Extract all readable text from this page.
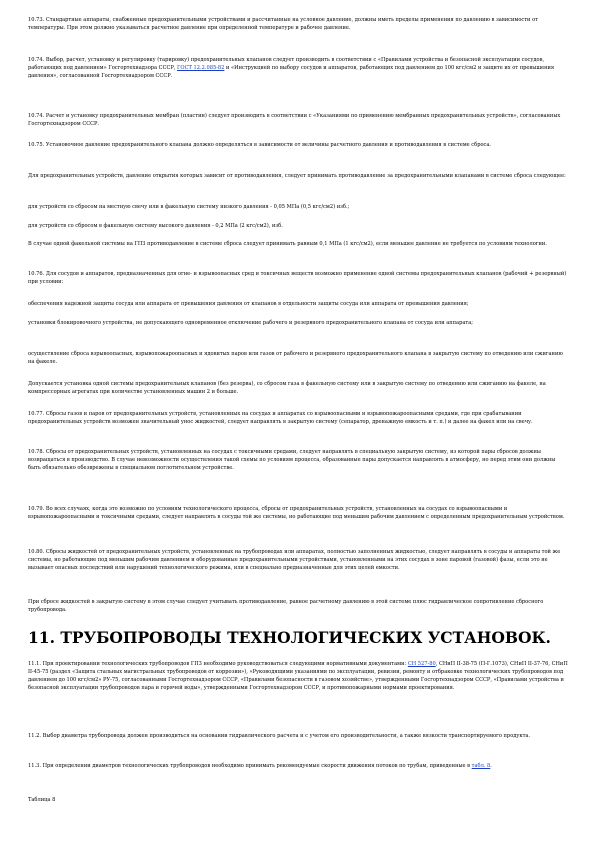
10.73. Стандартные аппараты, снабженные предохранительными устройствами и рассчитанные на условное давление, должны иметь пределы применения по давлению в зависимости от температуры. При этом должно указываться расчетное давление при определенной температуре и рабочее давление.

10.74. Выбор, расчет, установку и регулировку (тарировку) предохранительных клапанов следует производить в соответствии с «Правилами устройства и безопасной эксплуатации сосудов, работающих под давлением» Госгортехнадзора СССР, ГОСТ 12.2.085-82 и «Инструкцией по выбору сосудов и аппаратов, работающих под давлением до 100 кгс/см2 и защите их от превышения давления», согласованной Госгортехнадзором СССР.

10.74. Расчет и установку предохранительных мембран (пластин) следует производить в соответствии с «Указаниями по применению мембранных предохранительных устройств», согласованных Госгортехнадзором СССР.

10.75. Установочное давление предохранительного клапана должно определяться в зависимости от величины расчетного давления и противодавления в системе сброса.

Для предохранительных устройств, давление открытия которых зависит от противодавления, следует принимать противодавление за предохранительными клапанами в системе сброса следующее:

для устройств со сбросом на местную свечу или в факельную систему низкого давления - 0,05 МПа (0,5 кгс/см2) изб.;

для устройств со сбросом в факельную систему высокого давления - 0,2 МПа (2 кгс/см2), изб.

В случае одной факельной системы на ГПЗ противодавление в системе сброса следует принимать равным 0,1 МПа (1 кгс/см2), если меньшее давление не требуется по условиям технологии.

10.76. Для сосудов и аппаратов, предназначенных для огне- и взрывоопасных сред и токсичных веществ возможно применение одной системы предохранительных клапанов (рабочий + резервный) при условии:

обеспечения надежной защиты сосуда или аппарата от превышения давления от клапанов в отдельности защиты сосуда или аппарата от превышения давления;

установки блокировочного устройства, не допускающего одновременное отключение рабочего и резервного предохранительного клапана от сосуда или аппарата;

осуществление сброса взрывоопасных, взрывопожароопасных и ядовитых паров или газов от рабочего и резервного предохранительного клапана в закрытую систему по отведению или сжиганию на факеле.

Допускается установка одной системы предохранительных клапанов (без резерва), со сбросом газа в факельную систему или в закрытую систему по отведению или сжиганию на факеле, на компрессорных агрегатах при количестве установленных машин 2 и больше.

10.77. Сбросы газов и паров от предохранительных устройств, установленных на сосудах и аппаратах со взрывоопасными и взрывопожароопасными средами, где при срабатывании предохранительных устройств возможен значительный унос жидкостей, следует направлять в закрытую систему (сепаратор, дренажную емкость и т. п.) и далее на факел или на свечу.

10.78. Сбросы от предохранительных устройств, установленных на сосудах с токсичными средами, следует направлять в специальную закрытую систему, из которой пары сбросов должны возвращаться в производство. В случае невозможности осуществления такой схемы по условиям процесса, образованные пары допускается направлять в атмосферу, но перед этим они должны быть обязательно обезврежены в специальном поглотительном устройстве.

10.79. Во всех случаях, когда это возможно по условиям технологического процесса, сбросы от предохранительных устройств, установленных на сосудах со взрывоопасными и взрывопожароопасными и токсичными средами, следует направлять в сосуды той же системы, но работающие под меньшим рабочим давлением с определенным предохранительным устройством.

10.80. Сбросы жидкостей от предохранительных устройств, установленных на трубопроводах или аппаратах, полностью заполненных жидкостью, следует направлять в сосуды и аппараты той же системы, но работающие под меньшим рабочим давлением и оборудованные предохранительными устройствами, установленными на этих сосудах в зоне паровой (газовой) фазы, если это не вызывает опасных последствий или нарушений технологического режима, или в специально предназначенные для этих целей емкости.

При сбросе жидкостей в закрытую систему в этом случае следует учитывать противодавление, равное расчетному давлению в этой системе плюс гидравлическое сопротивление сбросного трубопровода.

11. ТРУБОПРОВОДЫ ТЕХНОЛОГИЧЕСКИХ УСТАНОВОК.

11.1. При проектировании технологических трубопроводов ГПЗ необходимо руководствоваться следующими нормативными документами: СН 527-80, СНиП II-38-75 (П-Г.1073), СНиП II-37-76, СНиП II-45-75 (раздел «Защита стальных магистральных трубопроводов от коррозии»), «Руководящими указаниями по эксплуатации, ревизии, ремонту и отбраковке технологических трубопроводов под давлением до 100 кгс/см2» РУ-75, согласованными Госгортехнадзором СССР, «Правилами безопасности в газовом хозяйстве», утвержденными Госгортехнадзором СССР, «Правилами устройства и безопасной эксплуатации трубопроводов пара и горячей воды», утвержденными Госгортехнадзором СССР, и противопожарными нормами проектирования.

11.2. Выбор диаметра трубопровода должен производиться на основании гидравлического расчета и с учетом его производительности, а также вязкости транспортируемого продукта.

11.3. При определении диаметров технологических трубопроводов необходимо принимать рекомендуемые скорости движения потоков по трубам, приведенные в табл. 8.

Таблица 8
